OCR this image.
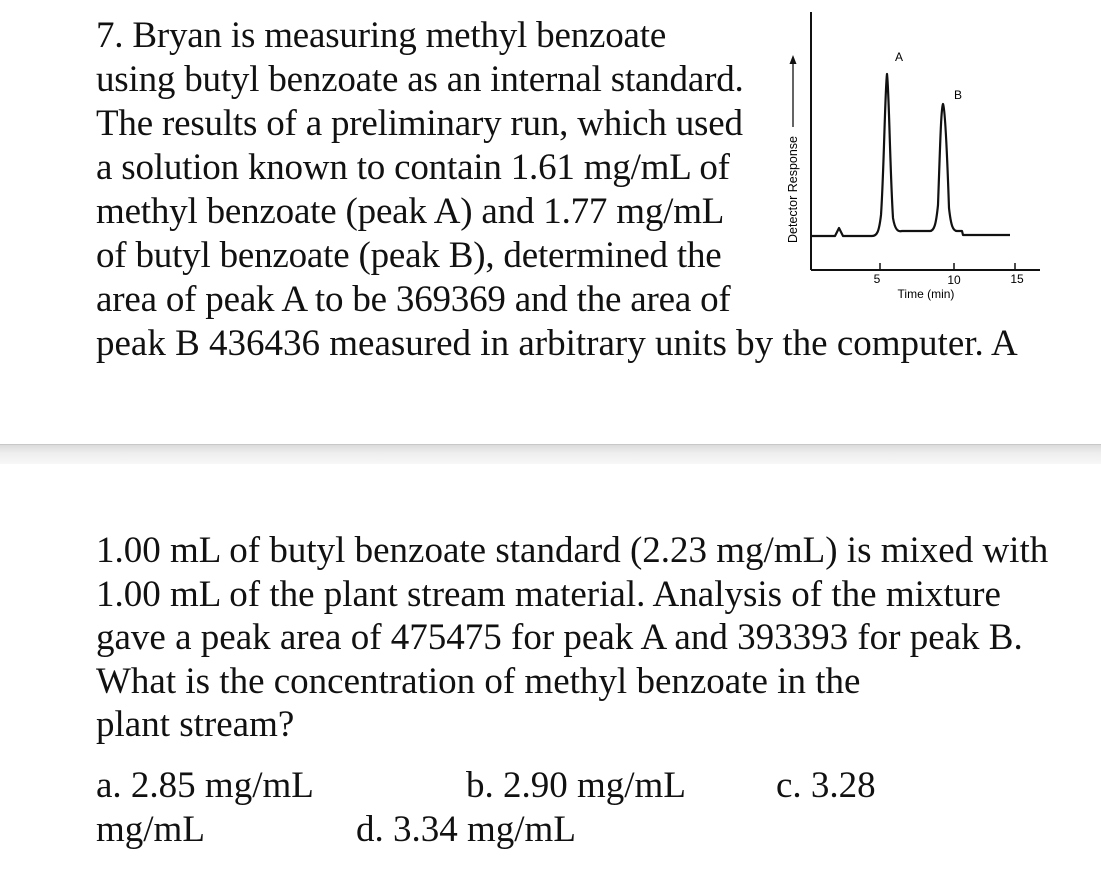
7. Bryan is measuring methyl benzoate
using butyl benzoate as an internal standard.
The results of a preliminary run, which used
a solution known to contain 1.61 mg/mL of
methyl benzoate (peak A) and 1.77 mg/mL
of butyl benzoate (peak B), determined the
area of peak A to be 369369 and the area of
peak B 436436 measured in arbitrary units by the computer. A
5	10	15
Time (min)
Detector Response
A
B
1.00 mL of butyl benzoate standard (2.23 mg/mL) is mixed with
1.00 mL of the plant stream material. Analysis of the mixture
gave a peak area of 475475 for peak A and 393393 for peak B.
What is the concentration of methyl benzoate in the
plant stream?
a. 2.85 mg/mL	b. 2.90 mg/mL c. 3.28
mg/mL	d. 3.34 mg/mL
